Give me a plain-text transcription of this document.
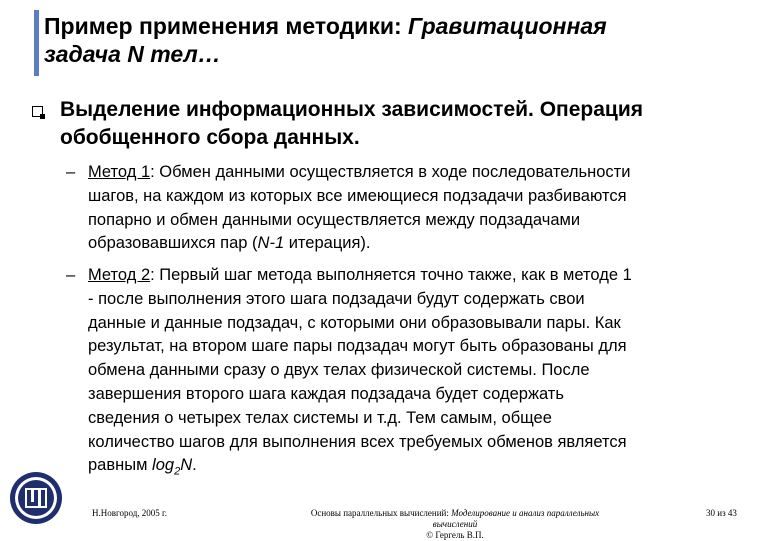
Пример применения методики: Гравитационная
задача N тел…
Выделение информационных зависимостей. Операция
обобщенного сбора данных.
– Метод 1: Обмен данными осуществляется в ходе последовательности
шагов, на каждом из которых все имеющиеся подзадачи разбиваются
попарно и обмен данными осуществляется между подзадачами
образовавшихся пар (N-1 итерация).
– Метод 2: Первый шаг метода выполняется точно также, как в методе 1
- после выполнения этого шага подзадачи будут содержать свои
данные и данные подзадач, с которыми они образовывали пары. Как
результат, на втором шаге пары подзадач могут быть образованы для
обмена данными сразу о двух телах физической системы. После
завершения второго шага каждая подзадача будет содержать
сведения о четырех телах системы и т.д. Тем самым, общее
количество шагов для выполнения всех требуемых обменов является
равным $\log_2N$.
Н.Новгород, 2005 г.	Основы параллельных вычислений: Моделирование и анализ параллельных
вычислений
© Гергель В.П.
30 из 43
